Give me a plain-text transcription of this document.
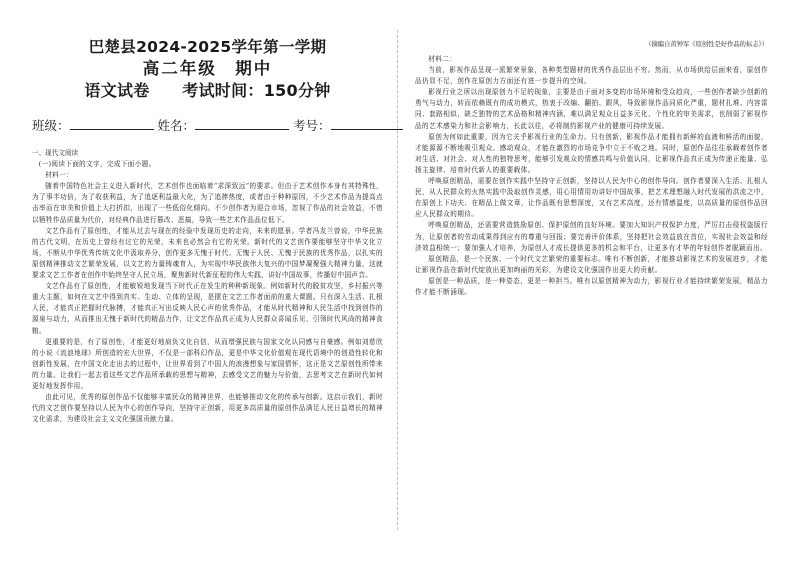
巴楚县2024-2025学年第一学期

高二年级　期中

语文试卷　　考试时间：150分钟

班级：	姓名：	考号：

一、现代文阅读

(一)阅读下面的文字，完成下面小题。

材料一：

随着中国特色社会主义进入新时代，艺术创作也面临着“求深致远”的要求。但由于艺术创作本身有其特殊性，为了事半功倍，为了收获利益，为了追逐利益最大化，为了追捧热度，或者由于种种原因，不少艺术作品为提高点击率而在审美和价值上大打折扣，出现了一些低俗化倾向。不少创作者为迎合市场，忽视了作品的社会效益，不惜以牺牲作品质量为代价，对经典作品进行篡改、恶搞，导致一些艺术作品品位低下。

文艺作品有了原创性，才能从过去与现在的经验中发现历史的走向，未来的愿景。学者冯友兰曾说，中华民族的古代文明，在历史上曾经有过它的光荣，未来也必然会有它的光荣。新时代的文艺创作要能够坚守中华文化立场，不断从中华优秀传统文化中汲取养分，创作更多无愧于时代、无愧于人民、无愧于民族的优秀作品，以扎实的原创精神推动文艺繁荣发展，以文艺的力量铸魂育人，为实现中华民族伟大复兴的中国梦凝聚强大精神力量，这就要求文艺工作者在创作中始终坚守人民立场，聚焦新时代新征程的伟大实践，讲好中国故事，传播好中国声音。

文艺作品有了原创性，才能敏锐地发现当下时代正在发生的种种新现象。例如新时代的脱贫攻坚，乡村振兴等重大主题，如何在文艺中得到真实、生动、立体的呈现，是摆在文艺工作者面前的重大课题。只有深入生活、扎根人民，才能真正把握时代脉搏，才能真正写出反映人民心声的优秀作品，才能从时代精神和人民生活中找到创作的源泉与动力，从而推出无愧于新时代的精品力作，让文艺作品真正成为人民群众喜闻乐见、引领时代风尚的精神食粮。

更重要的是，有了原创性，才能更好地肩负文化自信，从而增强民族与国家文化认同感与自豪感。例如刘慈欣的小说《流浪地球》所创造的宏大世界，不仅是一部科幻作品，更是中华文化价值观在现代语境中的创造性转化和创新性发展，在中国文化走出去的过程中，让世界看到了中国人的浪漫想象与家国情怀，这正是文艺原创性所带来的力量。让我们一起去看这些文艺作品所承载的思想与精神，去感受文艺的魅力与价值，去思考文艺在新时代如何更好地发挥作用。

由此可见，优秀的原创作品不仅能够丰富民众的精神世界，也能够推动文化的传承与创新。这启示我们，新时代的文艺创作要坚持以人民为中心的创作导向，坚持守正创新，用更多高质量的原创作品满足人民日益增长的精神文化需求，为建设社会主义文化强国贡献力量。

（摘编自黄钟军《原创性是好作品的标志》）

材料二：

当前，影视作品呈现一派繁荣景象，各种类型题材的优秀作品层出不穷。然而，从市场供给层面来看，原创作品仍显不足，创作在原创力方面还有进一步提升的空间。

影视行业之所以出现原创力不足的现象，主要是由于面对多变的市场环境和受众趋向，一些创作者缺少创新的勇气与动力，转而依赖既有的成功模式，热衷于改编、翻拍、跟风，导致影视作品同质化严重，题材扎堆、内容雷同、套路相似，缺乏独特的艺术品格和精神内涵，难以满足观众日益多元化、个性化的审美需求，也削弱了影视作品的艺术感染力和社会影响力，长此以往，必将制约影视产业的健康可持续发展。

原创为何如此重要，因为它关乎影视行业的生命力。只有创新，影视作品才能拥有新鲜的血液和鲜活的面貌，才能源源不断地吸引观众、感动观众，才能在激烈的市场竞争中立于不败之地。同时，原创作品往往承载着创作者对生活、对社会、对人性的独特思考，能够引发观众的情感共鸣与价值认同，让影视作品真正成为传递正能量、弘扬主旋律、培育时代新人的重要载体。

呼唤原创精品，需要在创作实践中坚持守正创新，坚持以人民为中心的创作导向。创作者要深入生活、扎根人民，从人民群众的火热实践中汲取创作灵感，用心用情用功讲好中国故事，把艺术理想融入时代发展的洪流之中，在原创上下功夫、在精品上做文章，让作品既有思想深度，又有艺术高度，还有情感温度，以高质量的原创作品回应人民群众的期待。

呼唤原创精品，还需要营造鼓励原创、保护原创的良好环境。要加大知识产权保护力度，严厉打击侵权盗版行为，让原创者的劳动成果得到应有的尊重与回报；要完善评价体系，坚持把社会效益放在首位，实现社会效益和经济效益相统一；要加强人才培养，为原创人才成长提供更多的机会和平台，让更多有才华的年轻创作者脱颖而出。

原创精品，是一个民族、一个时代文艺繁荣的重要标志。唯有不断创新，才能推动影视艺术的发展进步，才能让影视作品在新时代绽放出更加绚丽的光彩，为建设文化强国作出更大的贡献。

原创是一种品质，是一种姿态，更是一种担当。唯有以原创精神为动力，影视行业才能持续繁荣发展，精品力作才能不断涌现。
